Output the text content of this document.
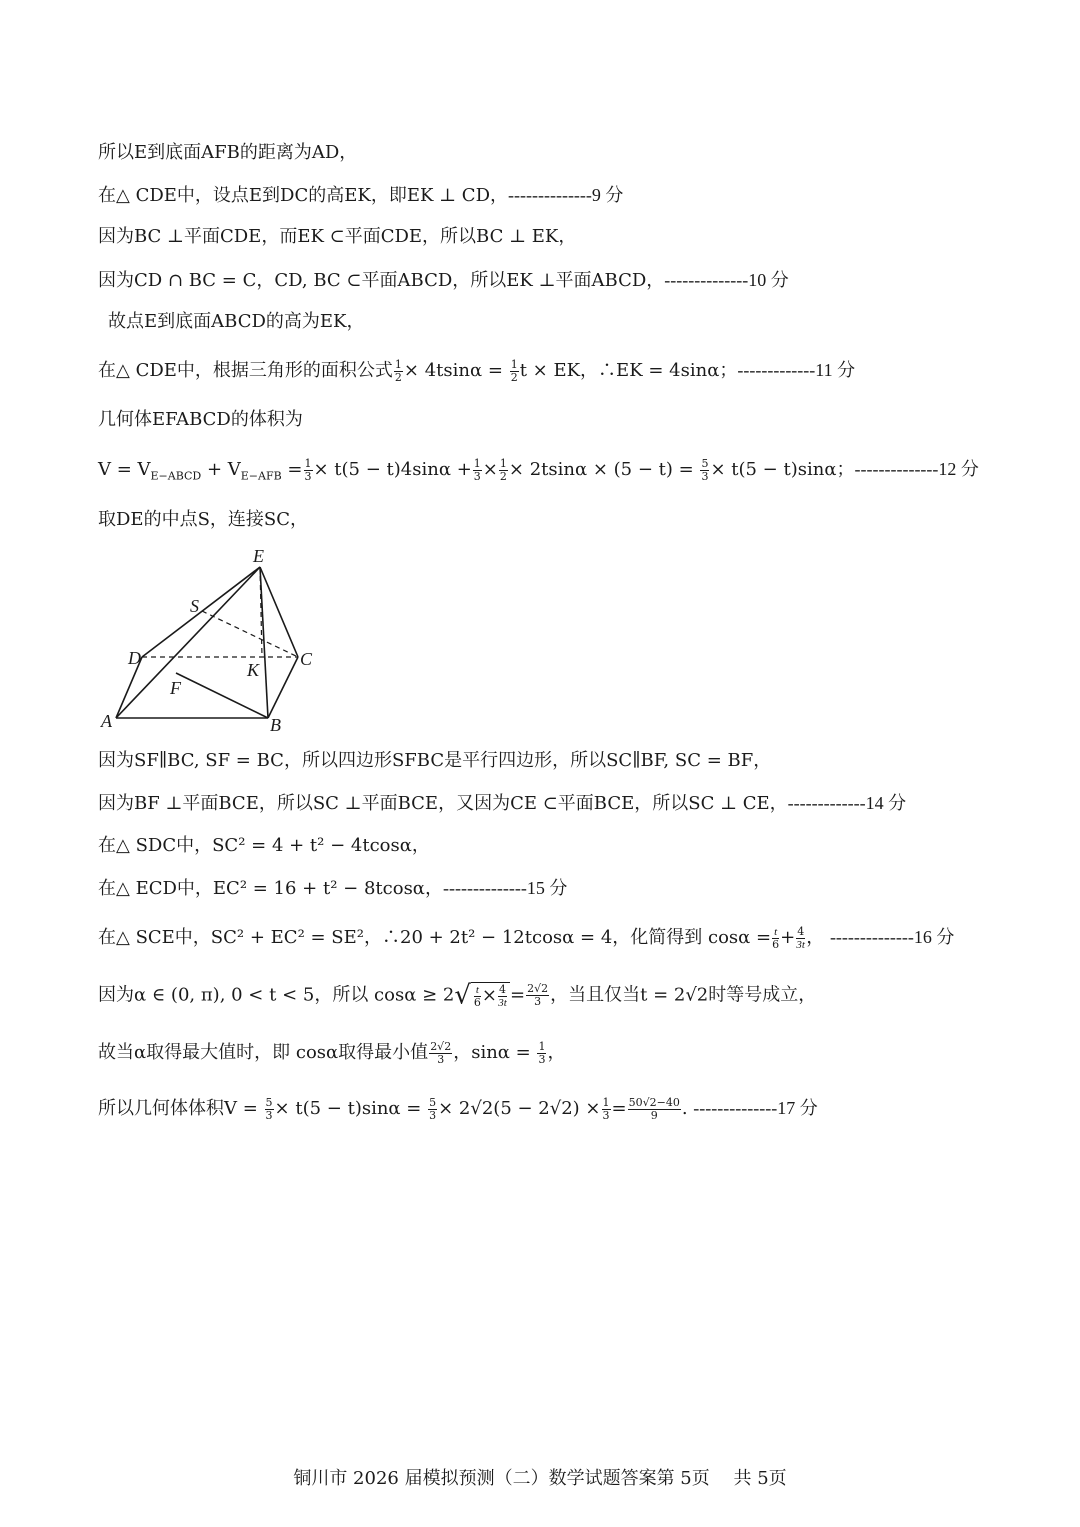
所以E到底面AFB的距离为AD，
在△ CDE中，设点E到DC的高EK，即EK ⊥ CD，--------------9 分
因为BC ⊥平面CDE，而EK ⊂平面CDE，所以BC ⊥ EK，
因为CD ∩ BC = C，CD, BC ⊂平面ABCD，所以EK ⊥平面ABCD，--------------10 分
故点E到底面ABCD的高为EK，
在△ CDE中，根据三角形的面积公式 $\frac{1}{2} \times 4tsin\alpha = \frac{1}{2}$ t × EK，∴EK = 4sinα；-------------11 分
几何体EFABCD的体积为
$V = V_{E-ABCD} + V_{E-AFB} = \frac{1}{3} \times t(5 - t)4\sin\alpha + \frac{1}{3} \times \frac{1}{2} \times 2tsin\alpha \times (5 - t) = \frac{5}{3} \times t(5 - t)\sin\alpha$；--------------12 分
取DE的中点S，连接SC，
E
S
D	C
K
F
A	B
因为SF∥BC, SF = BC，所以四边形SFBC是平行四边形，所以SC∥BF, SC = BF，
因为BF ⊥平面BCE，所以SC ⊥平面BCE，又因为CE ⊂平面BCE，所以SC ⊥ CE，-------------14 分
在△ SDC中，SC² = 4 + t² − 4tcosα，
在△ ECD中，EC² = 16 + t² − 8tcosα，--------------15 分
在△ SCE中，SC² + EC² = SE²，∴20 + 2t² − 12tcosα = 4，化简得到 $\cos\alpha = \frac{t}{6} + \frac{4}{3t}$ ， --------------16 分
因为α ∈ (0, π), 0 < t < 5，所以 $\cos\alpha \ge 2√ \frac{t}{6} \times \frac{4}{3t} = \frac{2√2}{3}$ ，当且仅当t = 2√2时等号成立，
故当α取得最大值时，即 cosα取得最小值 $\frac{2√2}{3}$ ，$\sin\alpha = \frac{1}{3}$ ，
所以几何体体积$V = \frac{5}{3} \times t(5 - t)\sin\alpha = \frac{5}{3} \times 2√2(5 - 2√2) \times \frac{1}{3} = \frac{50√2-40}{9}$ . --------------17 分
铜川市 2026 届模拟预测（二）数学试题答案第 5页　 共 5页
